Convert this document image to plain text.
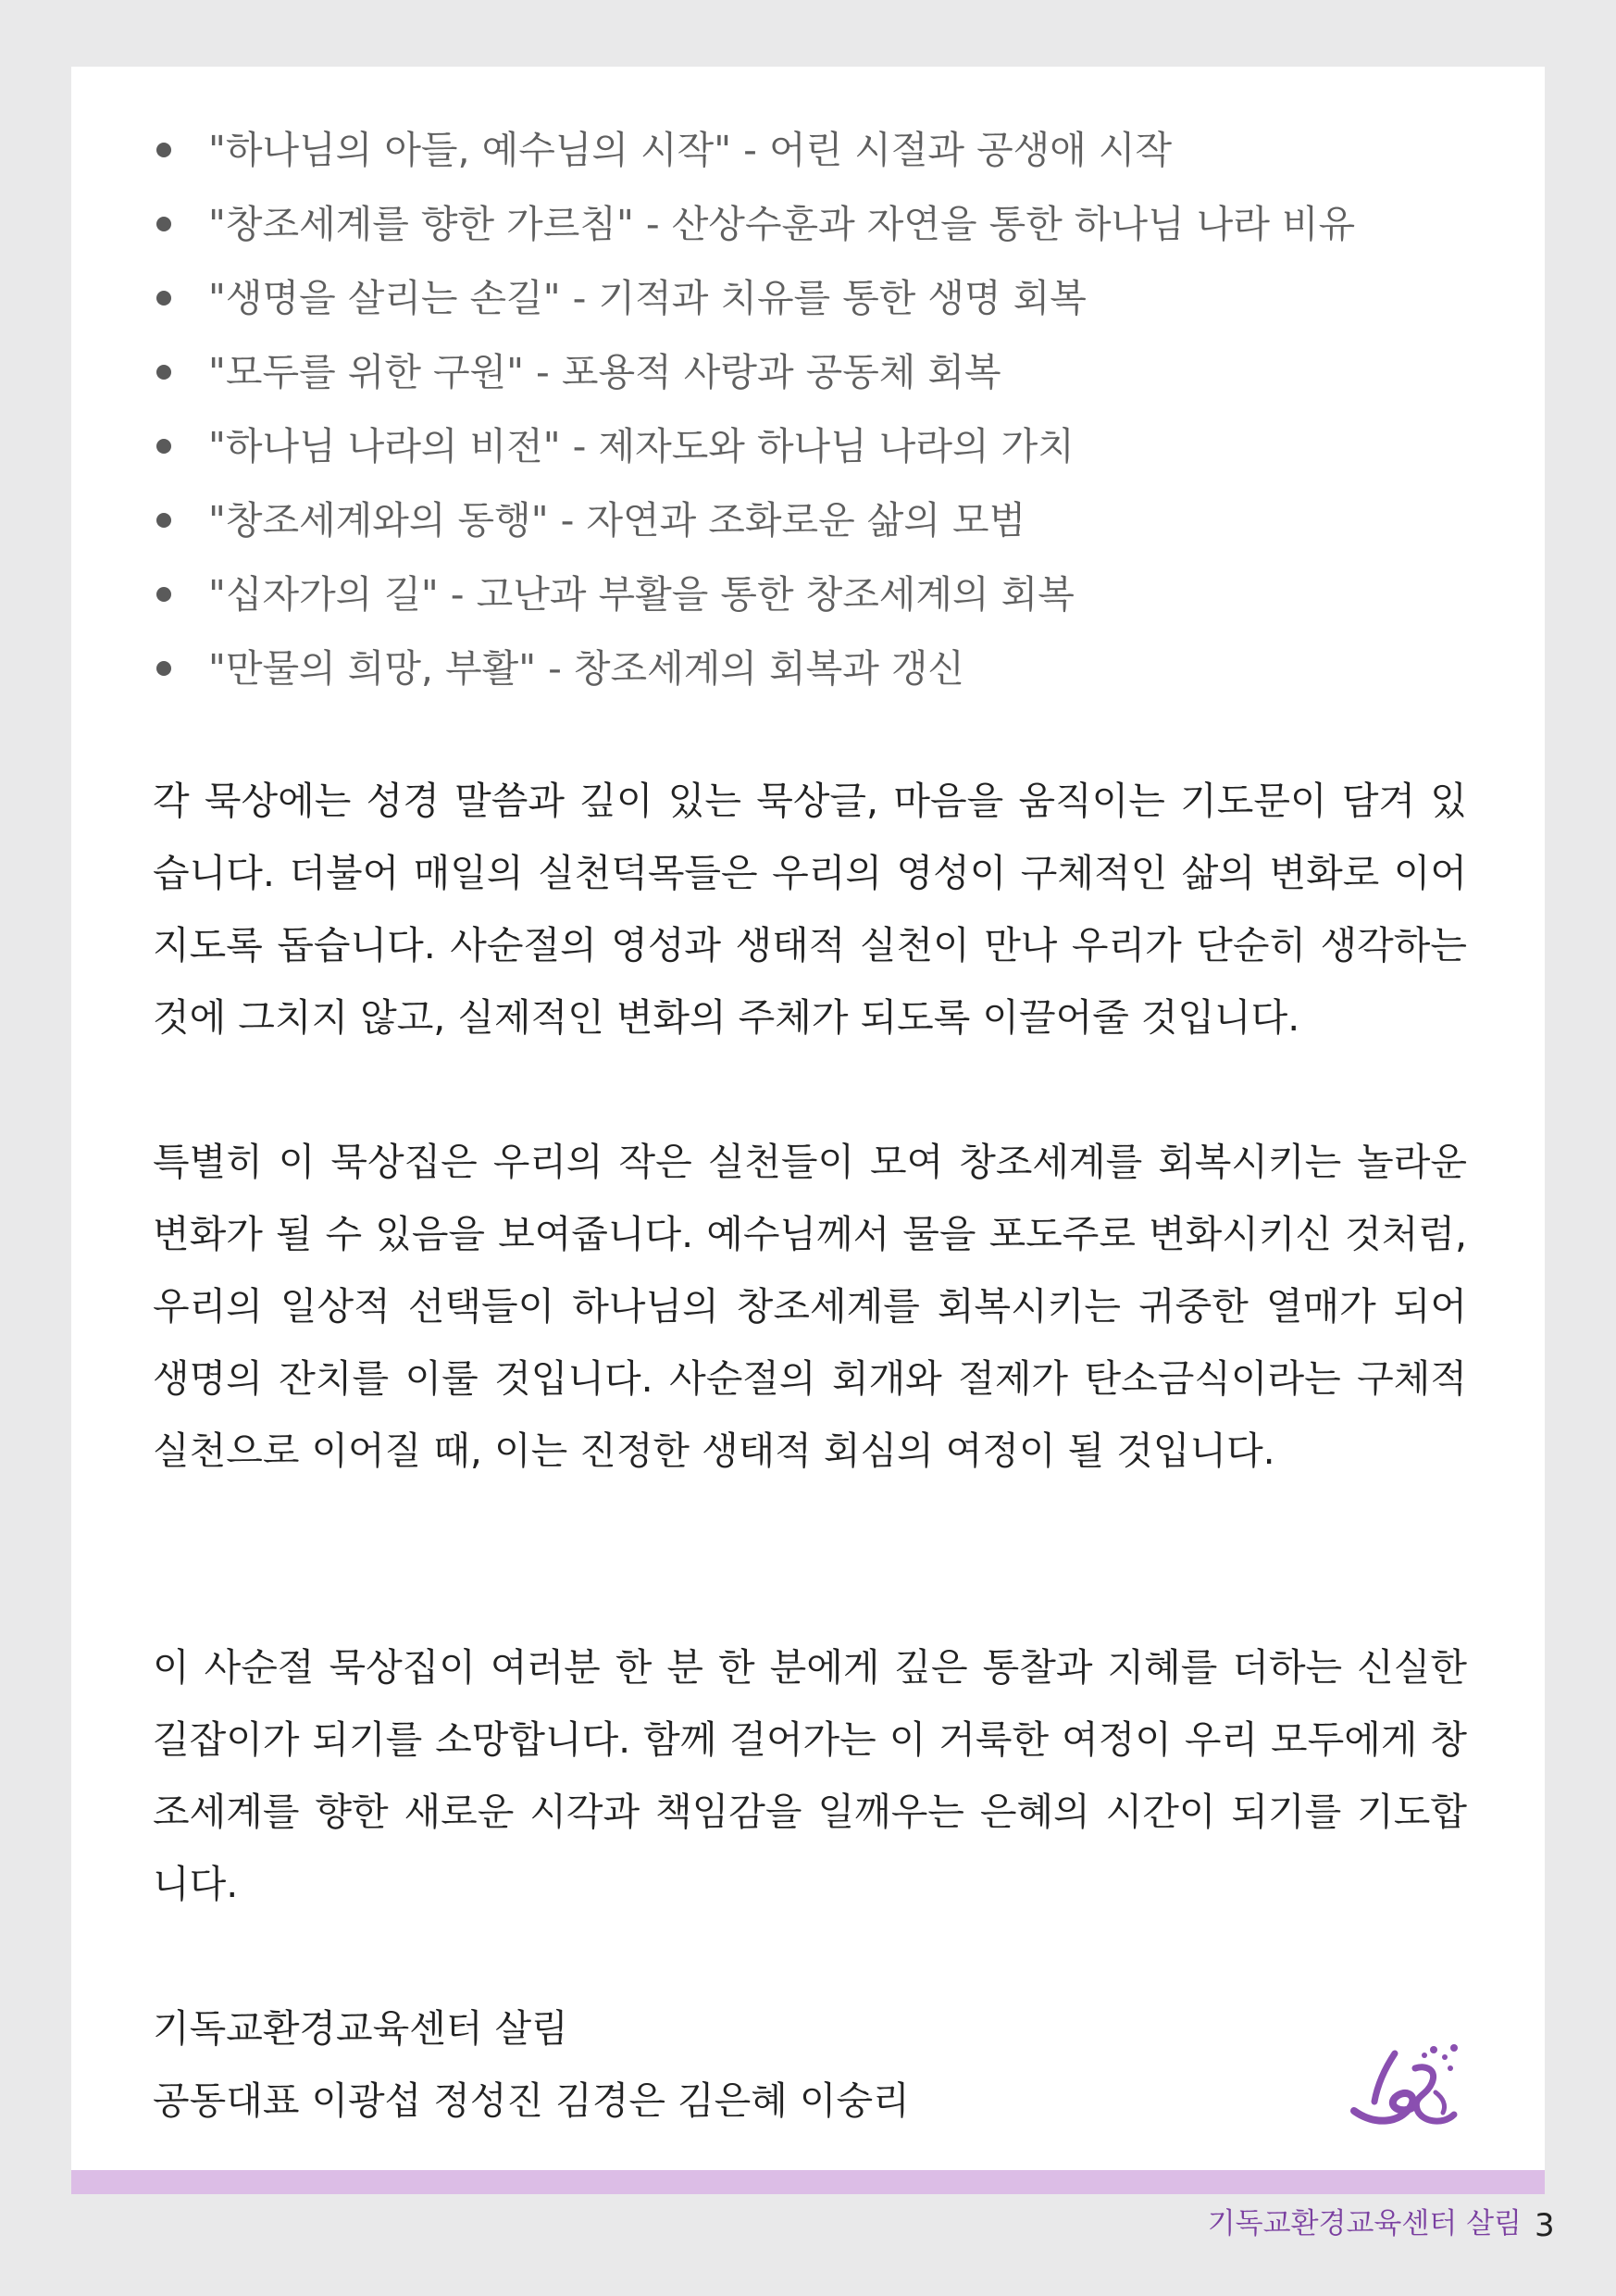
"하나님의 아들, 예수님의 시작" - 어린 시절과 공생애 시작
"창조세계를 향한 가르침" - 산상수훈과 자연을 통한 하나님 나라 비유
"생명을 살리는 손길" - 기적과 치유를 통한 생명 회복
"모두를 위한 구원" - 포용적 사랑과 공동체 회복
"하나님 나라의 비전" - 제자도와 하나님 나라의 가치
"창조세계와의 동행" - 자연과 조화로운 삶의 모범
"십자가의 길" - 고난과 부활을 통한 창조세계의 회복
"만물의 희망, 부활" - 창조세계의 회복과 갱신

각 묵상에는 성경 말씀과 깊이 있는 묵상글, 마음을 움직이는 기도문이 담겨 있습니다. 더불어 매일의 실천덕목들은 우리의 영성이 구체적인 삶의 변화로 이어지도록 돕습니다. 사순절의 영성과 생태적 실천이 만나 우리가 단순히 생각하는 것에 그치지 않고, 실제적인 변화의 주체가 되도록 이끌어줄 것입니다.

특별히 이 묵상집은 우리의 작은 실천들이 모여 창조세계를 회복시키는 놀라운 변화가 될 수 있음을 보여줍니다. 예수님께서 물을 포도주로 변화시키신 것처럼, 우리의 일상적 선택들이 하나님의 창조세계를 회복시키는 귀중한 열매가 되어 생명의 잔치를 이룰 것입니다. 사순절의 회개와 절제가 탄소금식이라는 구체적 실천으로 이어질 때, 이는 진정한 생태적 회심의 여정이 될 것입니다.

이 사순절 묵상집이 여러분 한 분 한 분에게 깊은 통찰과 지혜를 더하는 신실한 길잡이가 되기를 소망합니다. 함께 걸어가는 이 거룩한 여정이 우리 모두에게 창조세계를 향한 새로운 시각과 책임감을 일깨우는 은혜의 시간이 되기를 기도합니다.

기독교환경교육센터 살림
공동대표 이광섭 정성진 김경은 김은혜 이숭리
기독교환경교육센터 살림 3
